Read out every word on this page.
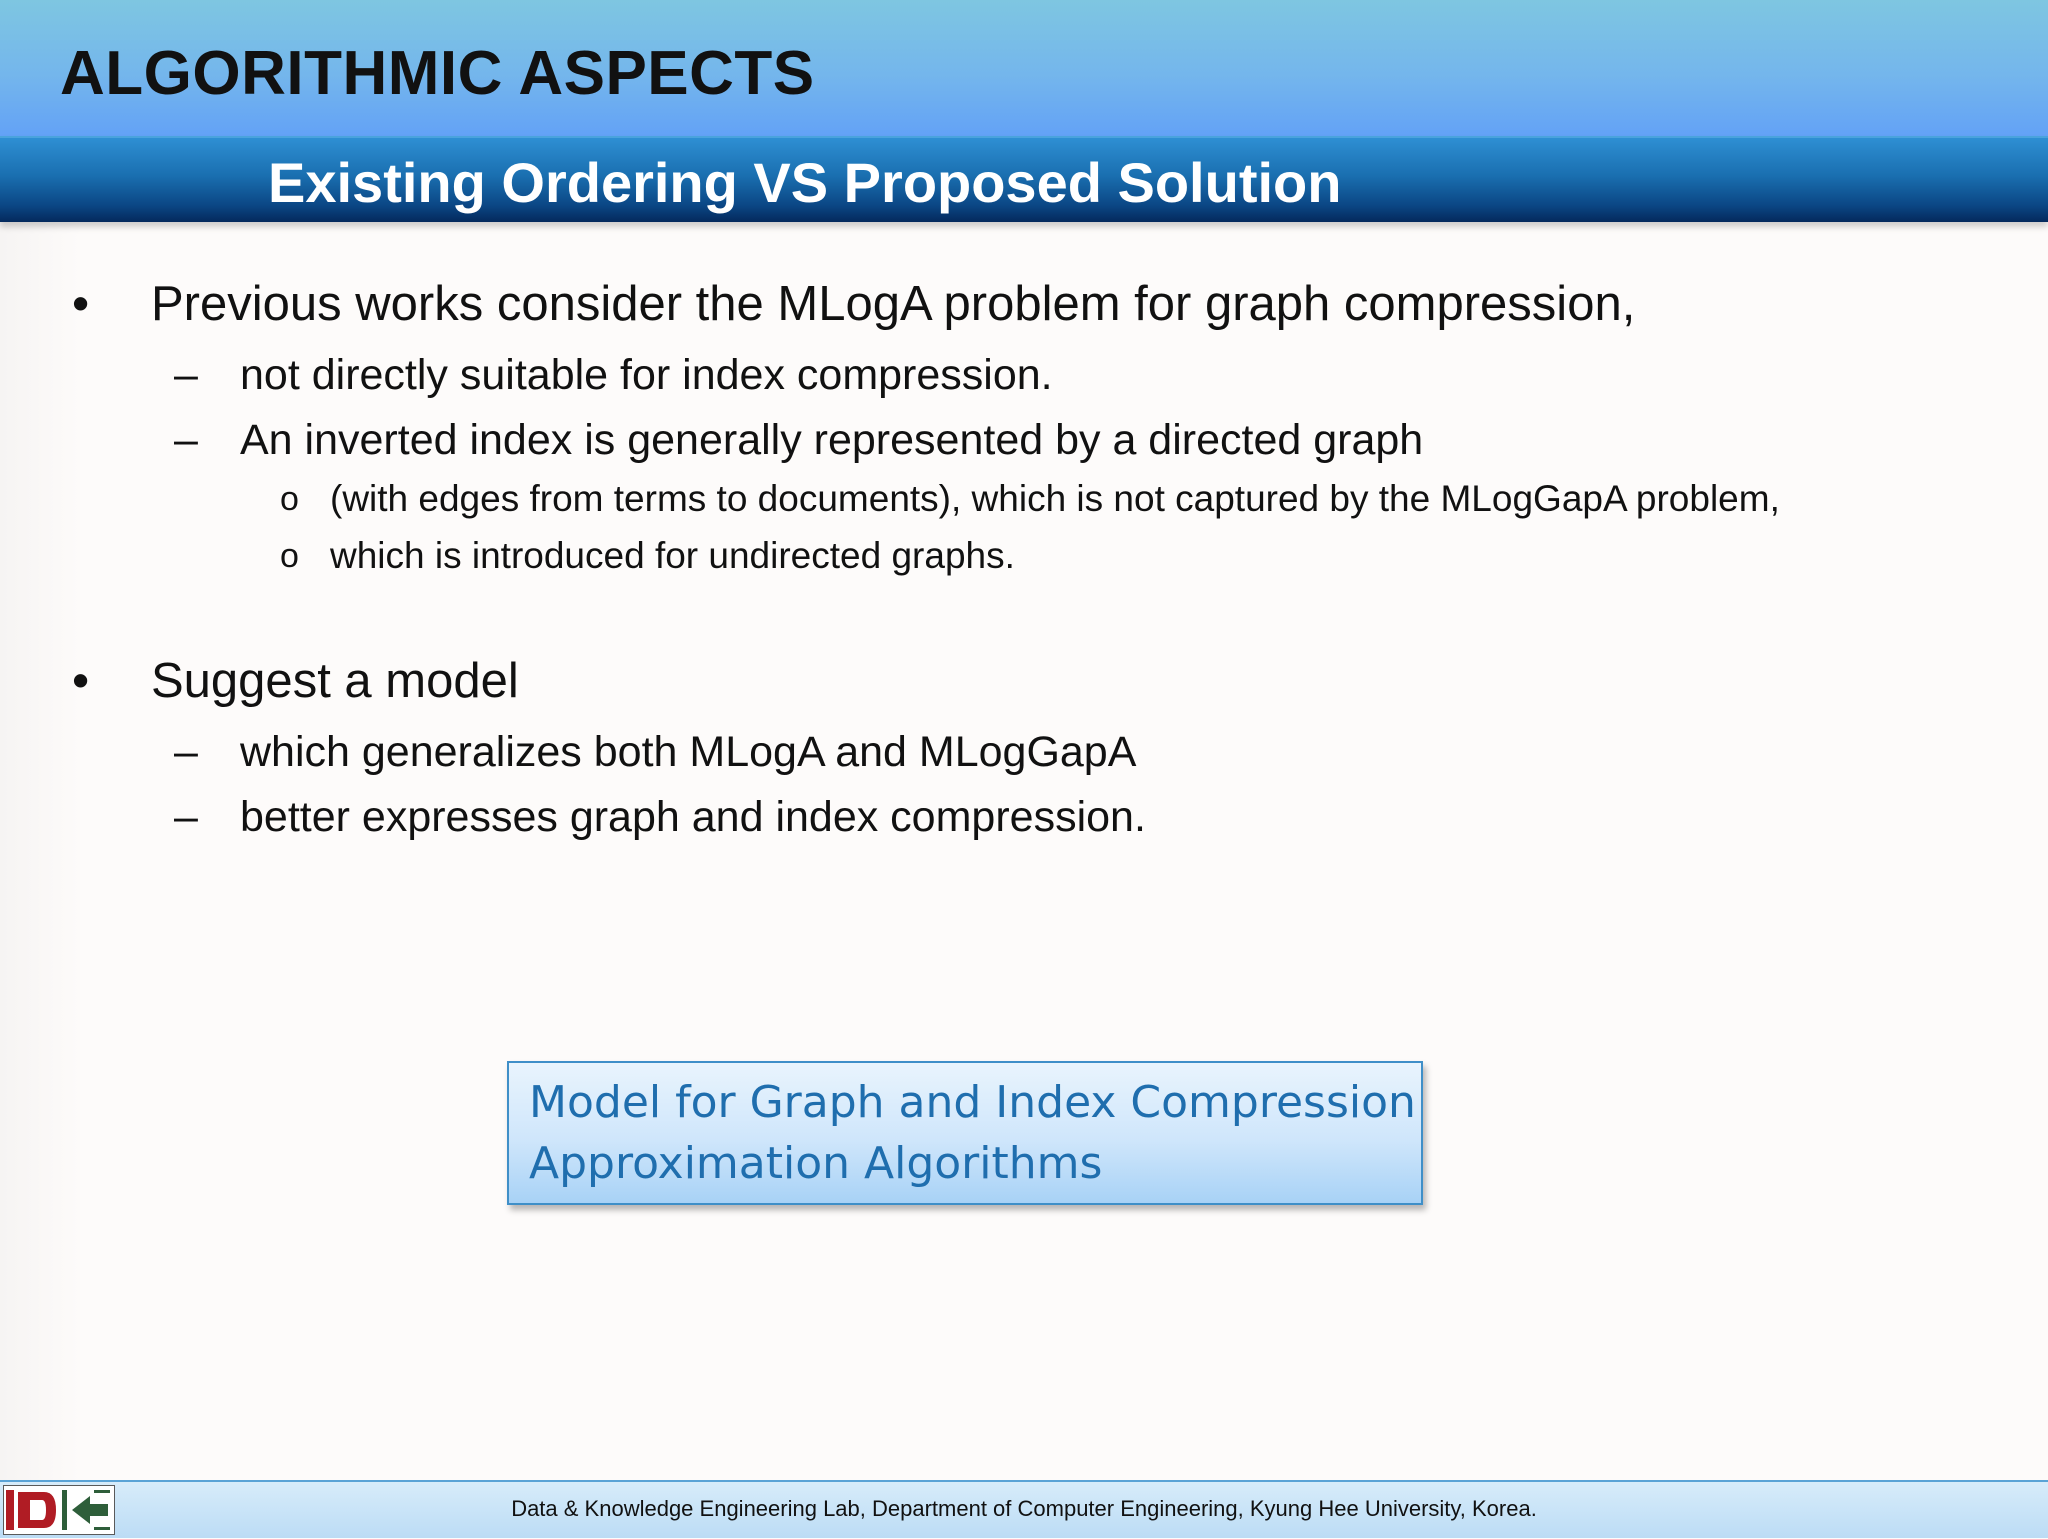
ALGORITHMIC ASPECTS
Existing Ordering VS Proposed Solution
• Previous works consider the MLogA problem for graph compression,
– not directly suitable for index compression.
– An inverted index is generally represented by a directed graph
o (with edges from terms to documents), which is not captured by the MLogGapA problem,
o which is introduced for undirected graphs.
• Suggest a model
– which generalizes both MLogA and MLogGapA
– better expresses graph and index compression.
Model for Graph and Index Compression
Approximation Algorithms
Data & Knowledge Engineering Lab, Department of Computer Engineering, Kyung Hee University, Korea.
